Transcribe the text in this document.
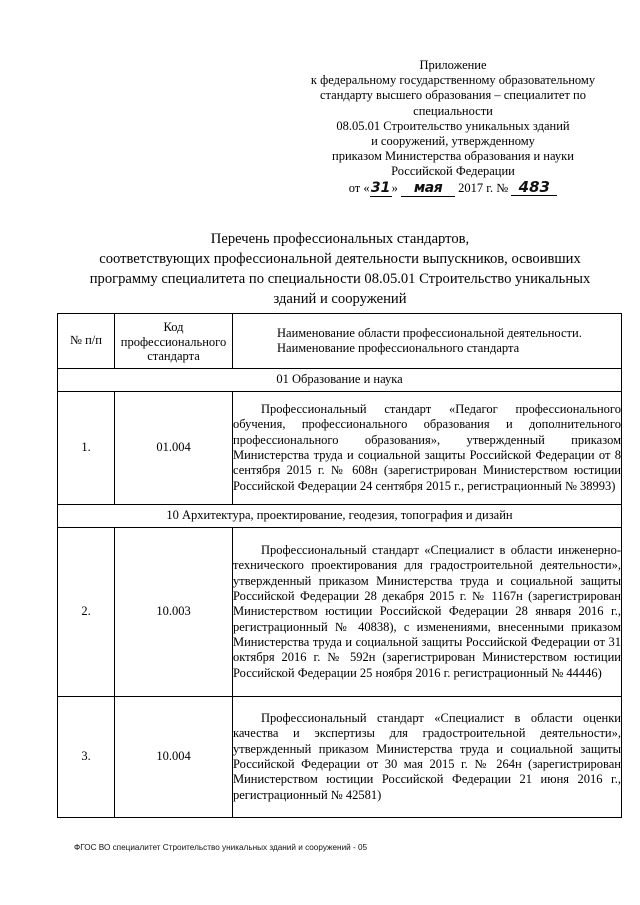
Приложение
к федеральному государственному образовательному
стандарту высшего образования – специалитет по
специальности
08.05.01 Строительство уникальных зданий
и сооружений, утвержденному
приказом Министерства образования и науки
Российской Федерации
от «31» мая 2017 г. № 483
Перечень профессиональных стандартов,
соответствующих профессиональной деятельности выпускников, освоивших
программу специалитета по специальности 08.05.01 Строительство уникальных
зданий и сооружений
№ п/п	Код профессионального стандарта	Наименование области профессиональной деятельности.
Наименование профессионального стандарта

01 Образование и наука		
1.	01.004	Профессиональный стандарт «Педагог профессионального обучения, профессионального образования и дополнительного профессионального образования», утвержденный приказом Министерства труда и социальной защиты Российской Федерации от 8 сентября 2015 г. № 608н (зарегистрирован Министерством юстиции Российской Федерации 24 сентября 2015 г., регистрационный № 38993)

10 Архитектура, проектирование, геодезия, топография и дизайн		
2.	10.003	Профессиональный стандарт «Специалист в области инженерно-технического проектирования для градостроительной деятельности», утвержденный приказом Министерства труда и социальной защиты Российской Федерации 28 декабря 2015 г. № 1167н (зарегистрирован Министерством юстиции Российской Федерации 28 января 2016 г., регистрационный № 40838), с изменениями, внесенными приказом Министерства труда и социальной защиты Российской Федерации от 31 октября 2016 г. № 592н (зарегистрирован Министерством юстиции Российской Федерации 25 ноября 2016 г. регистрационный № 44446)

3.	10.004	Профессиональный стандарт «Специалист в области оценки качества и экспертизы для градостроительной деятельности», утвержденный приказом Министерства труда и социальной защиты Российской Федерации от 30 мая 2015 г. № 264н (зарегистрирован Министерством юстиции Российской Федерации 21 июня 2016 г., регистрационный № 42581)

ФГОС ВО специалитет Строительство уникальных зданий и сооружений - 05
